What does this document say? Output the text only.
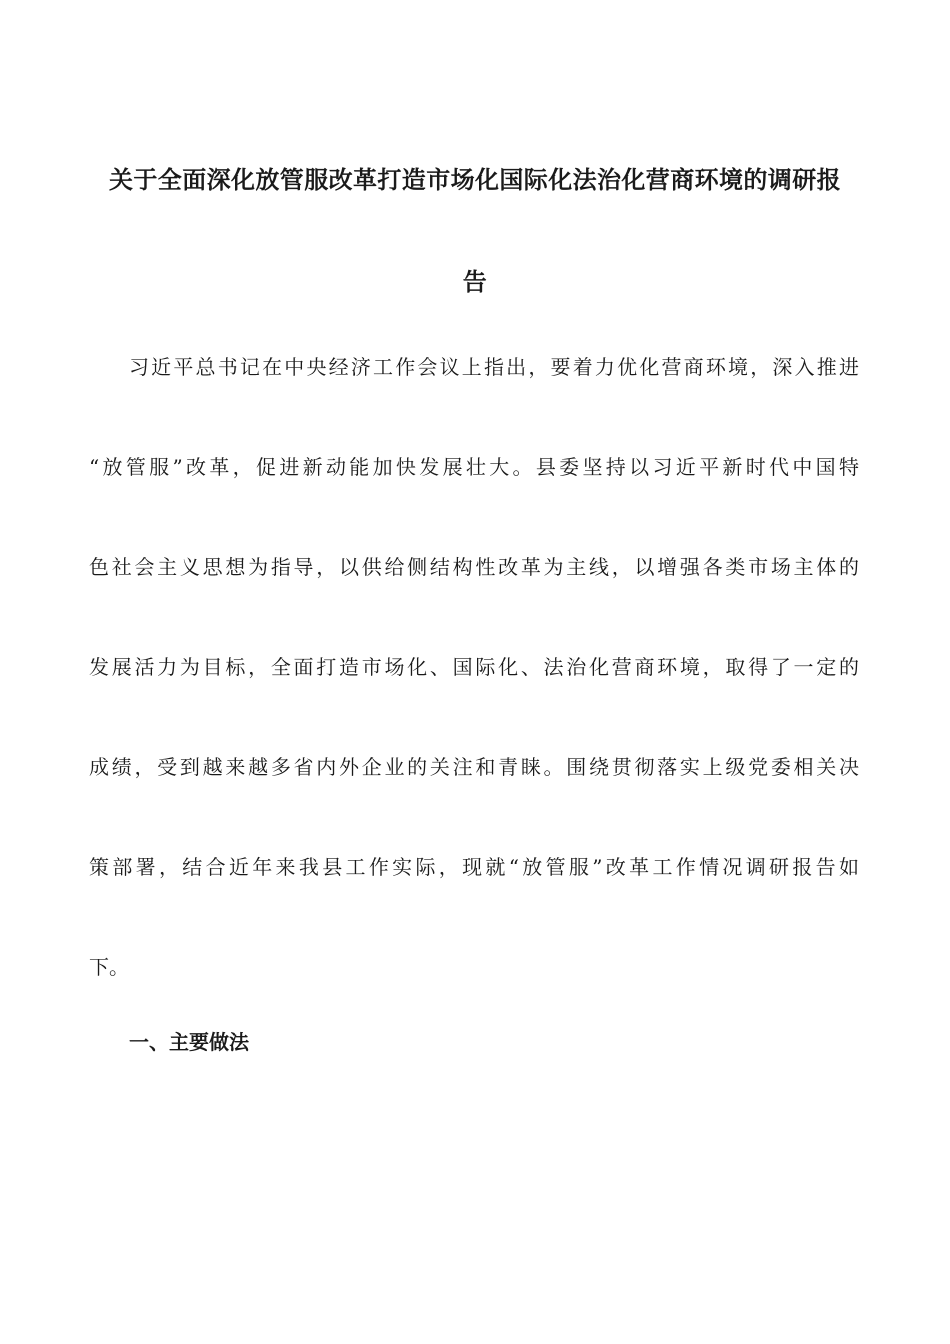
关于全面深化放管服改革打造市场化国际化法治化营商环境的调研报
告
习近平总书记在中央经济工作会议上指出，要着力优化营商环境，深入推进
“放管服”改革，促进新动能加快发展壮大。县委坚持以习近平新时代中国特
色社会主义思想为指导，以供给侧结构性改革为主线，以增强各类市场主体的
发展活力为目标，全面打造市场化、国际化、法治化营商环境，取得了一定的
成绩，受到越来越多省内外企业的关注和青睐。围绕贯彻落实上级党委相关决
策部署，结合近年来我县工作实际，现就“放管服”改革工作情况调研报告如
下。
一、主要做法
